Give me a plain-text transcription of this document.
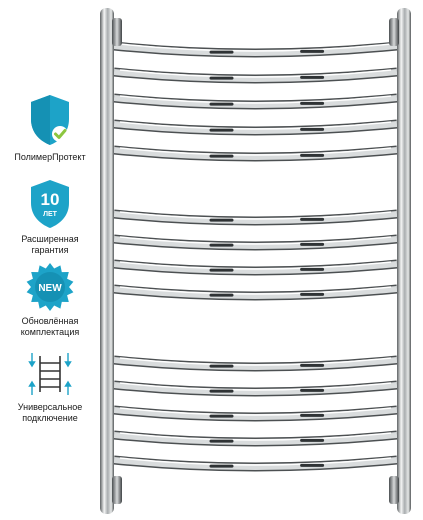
ПолимерПротект
10
ЛЕТ
Расширенная
гарантия
NEW
Обновлённая
комплектация
Универсальное
подключение
